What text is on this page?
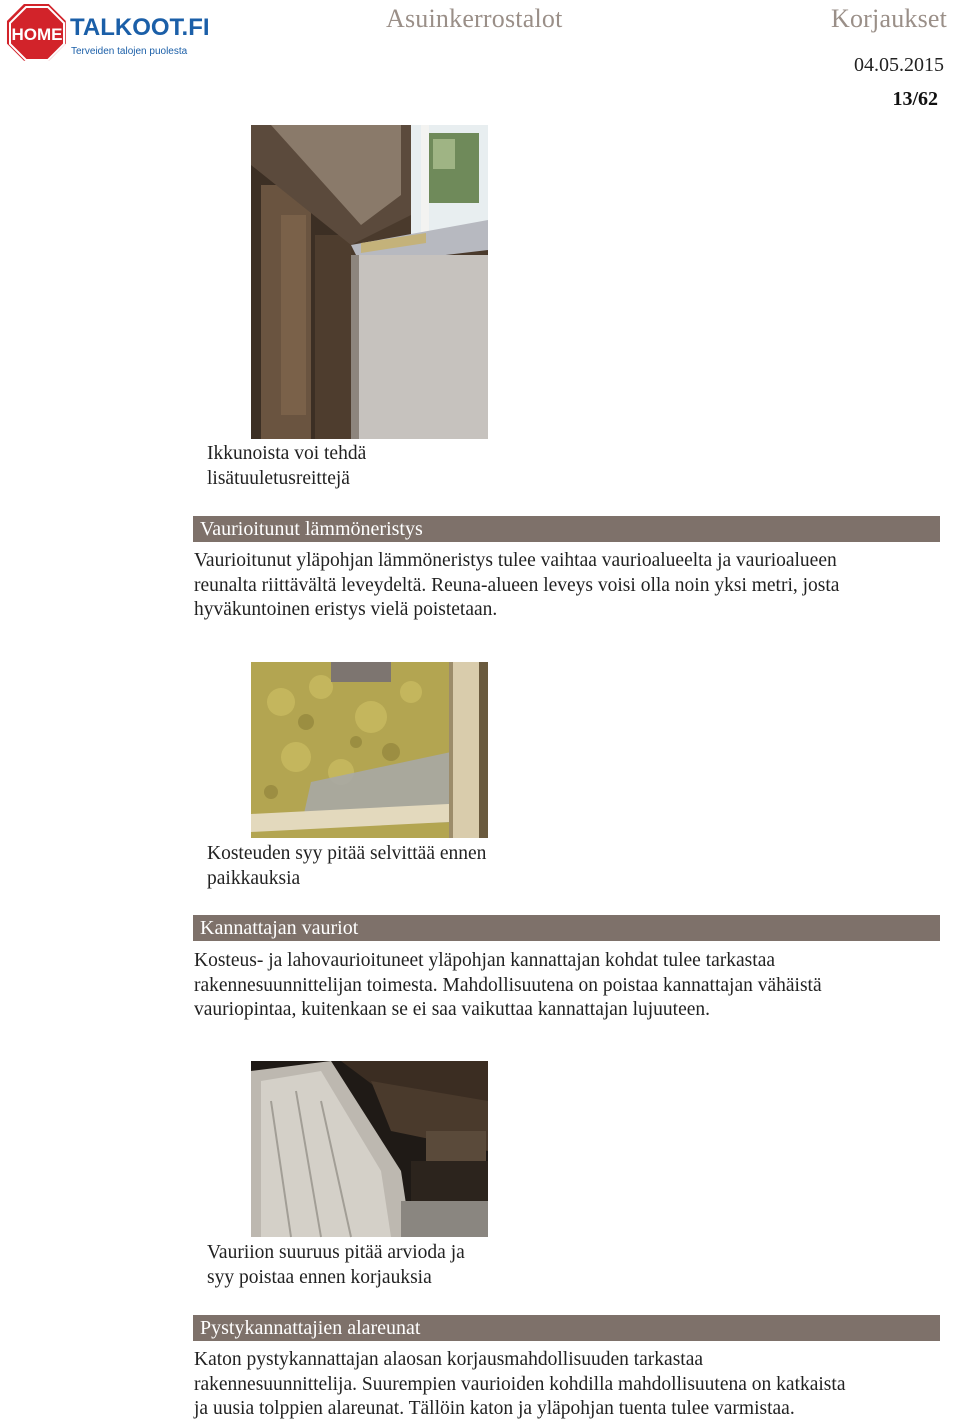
HOME TALKOOT.FI
Terveiden talojen puolesta
Asuinkerrostalot	Korjaukset
04.05.2015
13/62
Ikkunoista voi tehdä
lisätuuletusreittejä
Vaurioitunut lämmöneristys
Vaurioitunut yläpohjan lämmöneristys tulee vaihtaa vaurioalueelta ja vaurioalueen
reunalta riittävältä leveydeltä. Reuna-alueen leveys voisi olla noin yksi metri, josta
hyväkuntoinen eristys vielä poistetaan.
Kosteuden syy pitää selvittää ennen
paikkauksia
Kannattajan vauriot
Kosteus- ja lahovaurioituneet yläpohjan kannattajan kohdat tulee tarkastaa
rakennesuunnittelijan toimesta. Mahdollisuutena on poistaa kannattajan vähäistä
vauriopintaa, kuitenkaan se ei saa vaikuttaa kannattajan lujuuteen.
Vauriion suuruus pitää arvioda ja
syy poistaa ennen korjauksia
Pystykannattajien alareunat
Katon pystykannattajan alaosan korjausmahdollisuuden tarkastaa
rakennesuunnittelija. Suurempien vaurioiden kohdilla mahdollisuutena on katkaista
ja uusia tolppien alareunat. Tällöin katon ja yläpohjan tuenta tulee varmistaa.
